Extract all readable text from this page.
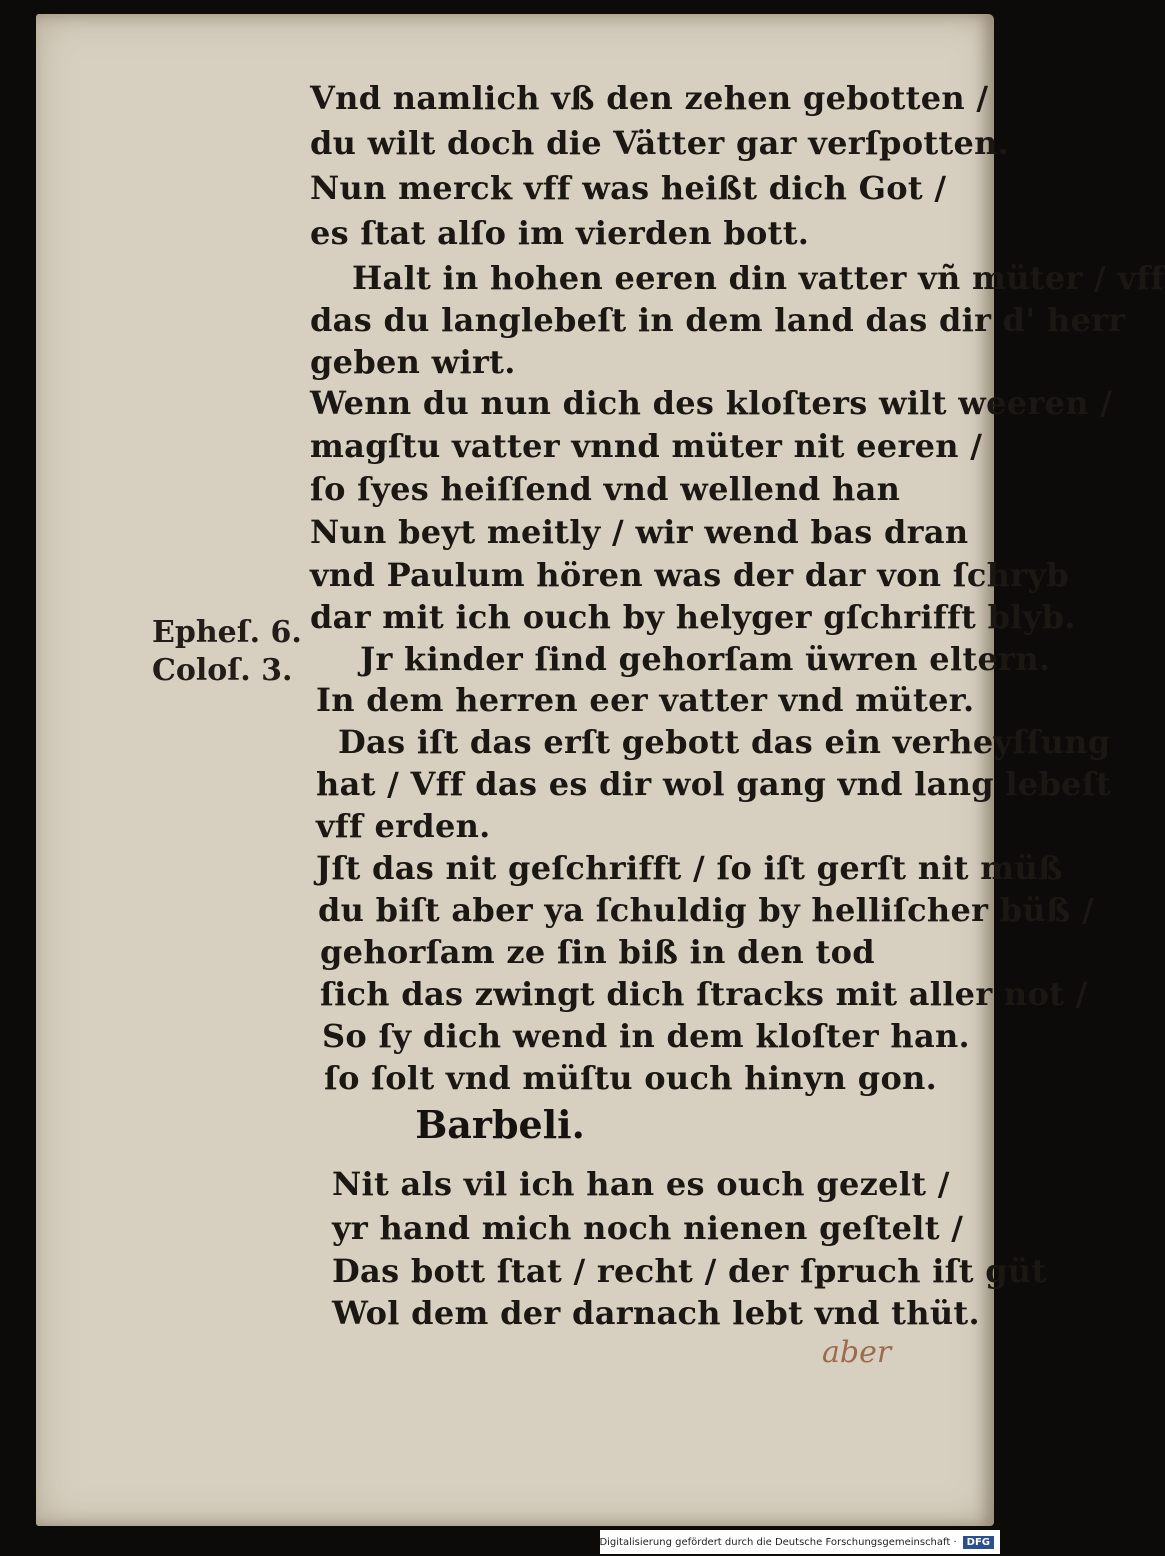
Vnd namlich vß den zehen gebotten /
du wilt doch die Vätter gar verſpotten.
Nun merck vff was heißt dich Got /
es ſtat alſo im vierden bott.
Halt in hohen eeren din vatter vñ müter / vff
das du langlebeſt in dem land das dir d' herr
geben wirt.
Wenn du nun dich des kloſters wilt weeren /
magſtu vatter vnnd müter nit eeren /
ſo ſyes heiſſend vnd wellend han
Nun beyt meitly / wir wend bas dran
vnd Paulum hören was der dar von ſchryb
dar mit ich ouch by helyger gſchrifft blyb.
Jr kinder ſind gehorſam üwren eltern.
In dem herren eer vatter vnd müter.
Das iſt das erſt gebott das ein verheyſſung
hat / Vff das es dir wol gang vnd lang lebeſt
vff erden.
Jſt das nit geſchrifft / ſo iſt gerſt nit müß
du biſt aber ya ſchuldig by helliſcher büß /
gehorſam ze ſin biß in den tod
ſich das zwingt dich ſtracks mit aller not /
So ſy dich wend in dem kloſter han.
ſo ſolt vnd müſtu ouch hinyn gon.
Epheſ. 6.
Coloſ. 3.
Barbeli.
Nit als vil ich han es ouch gezelt /
yr hand mich noch nienen geſtelt /
Das bott ſtat / recht / der ſpruch iſt güt
Wol dem der darnach lebt vnd thüt.
aber
Digitalisierung gefördert durch die Deutsche Forschungsgemeinschaft ·	DFG
